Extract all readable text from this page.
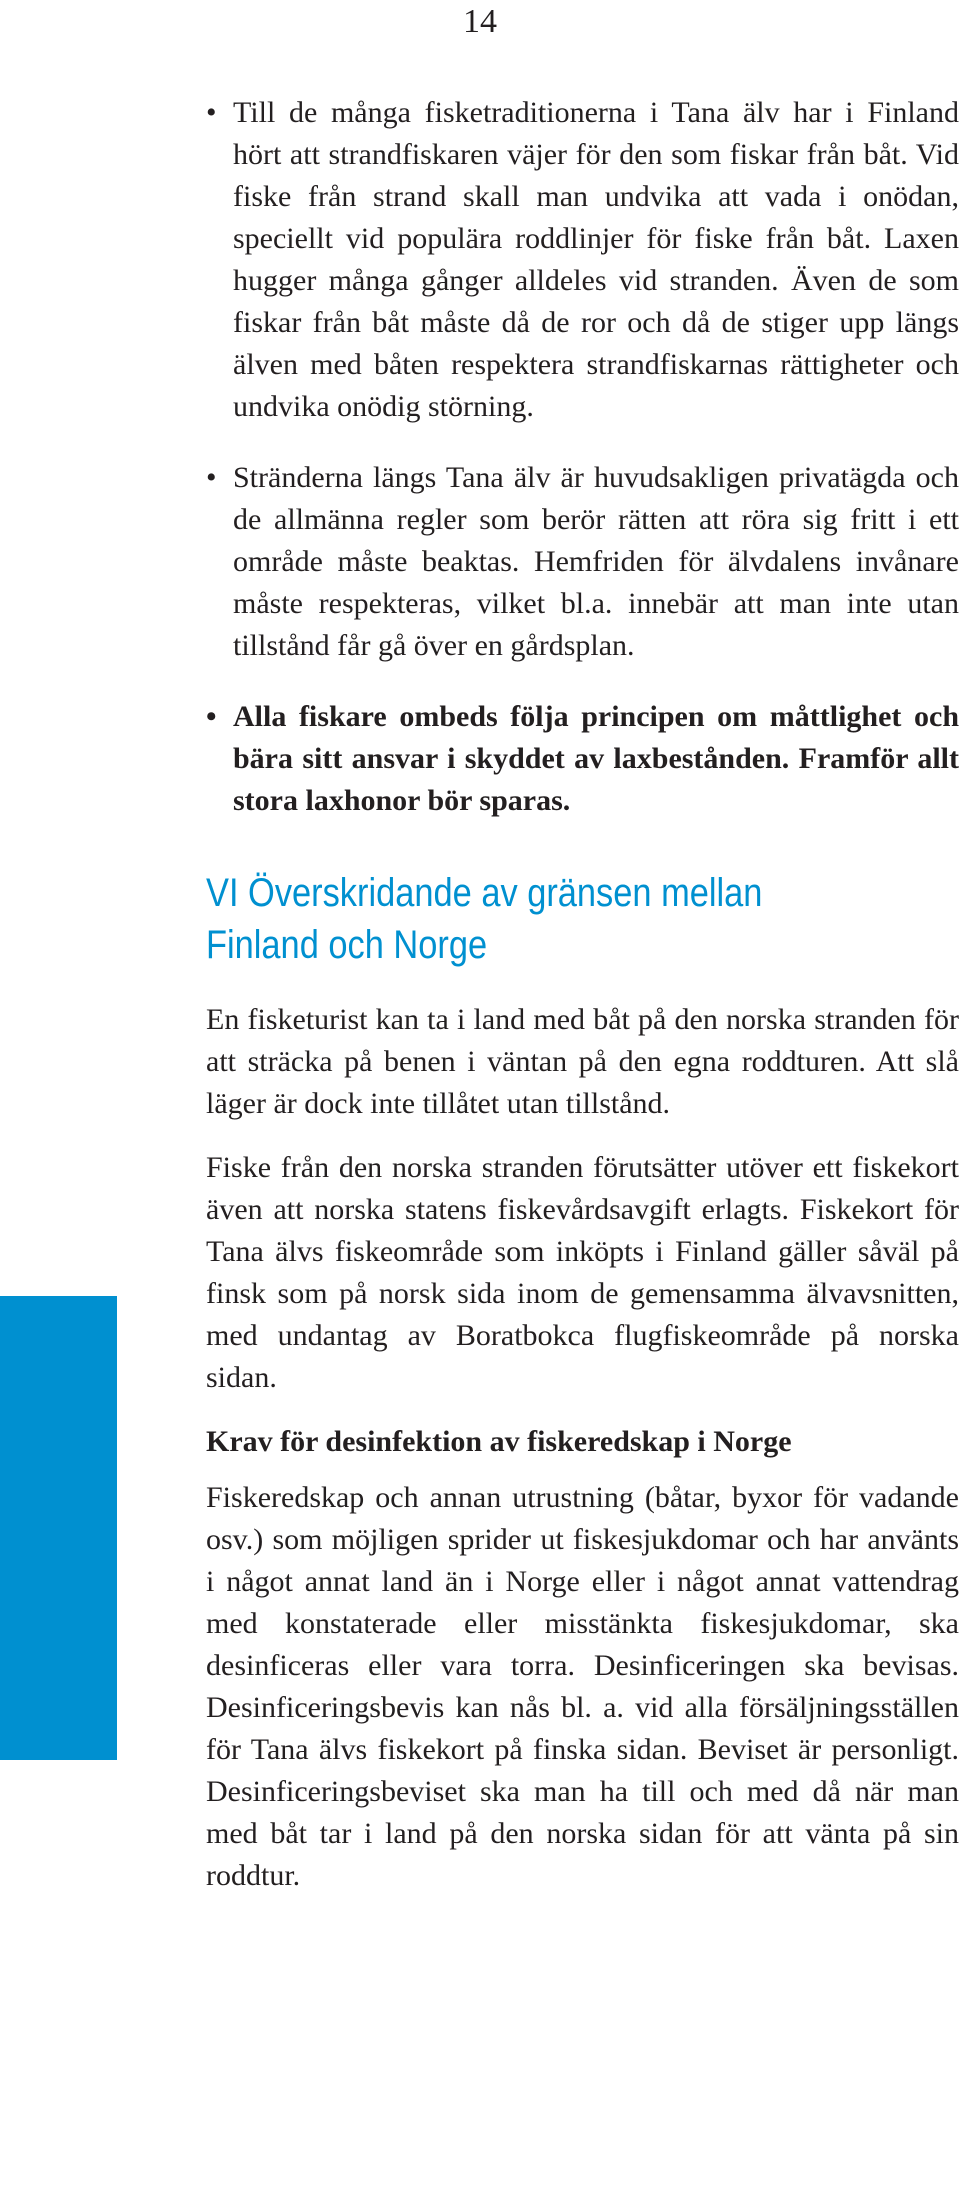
14
• Till de många fisketraditionerna i Tana älv har i Finland hört att strandfiskaren väjer för den som fiskar från båt. Vid fiske från strand skall man undvika att vada i onödan, speciellt vid populära roddlinjer för fiske från båt. Laxen hugger många gånger alldeles vid stranden. Även de som fiskar från båt måste då de ror och då de stiger upp längs älven med båten respektera strandfiskarnas rättigheter och undvika onödig störning.
• Stränderna längs Tana älv är huvudsakligen privatägda och de allmänna regler som berör rätten att röra sig fritt i ett område måste beaktas. Hemfriden för älvdalens invånare måste respekteras, vilket bl.a. innebär att man inte utan tillstånd får gå över en gårdsplan.
• Alla fiskare ombeds följa principen om måttlighet och bära sitt ansvar i skyddet av laxbestånden. Framför allt stora laxhonor bör sparas.
VI Överskridande av gränsen mellan
Finland och Norge

En fisketurist kan ta i land med båt på den norska stranden för att sträcka på benen i väntan på den egna roddturen. Att slå läger är dock inte tillåtet utan tillstånd.

Fiske från den norska stranden förutsätter utöver ett fiskekort även att norska statens fiskevårdsavgift erlagts. Fiskekort för Tana älvs fiskeområde som inköpts i Finland gäller såväl på finsk som på norsk sida inom de gemensamma älvavsnitten, med undantag av Boratbokca flugfiskeområde på norska sidan.

Krav för desinfektion av fiskeredskap i Norge

Fiskeredskap och annan utrustning (båtar, byxor för vadande osv.) som möjligen sprider ut fiskesjukdomar och har använts i något annat land än i Norge eller i något annat vattendrag med konstaterade eller misstänkta fiskesjukdomar, ska desinficeras eller vara torra. Desinficeringen ska bevisas. Desinficeringsbevis kan nås bl. a. vid alla försäljningsställen för Tana älvs fiskekort på finska sidan. Beviset är personligt. Desinficeringsbeviset ska man ha till och med då när man med båt tar i land på den norska sidan för att vänta på sin roddtur.
